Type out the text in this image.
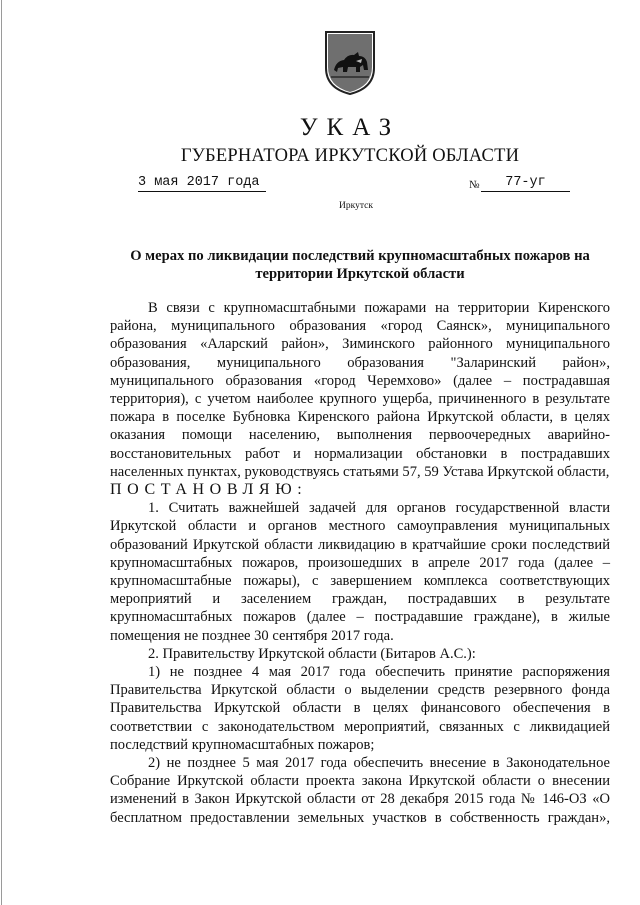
УКАЗ
ГУБЕРНАТОРА ИРКУТСКОЙ ОБЛАСТИ
3 мая 2017 года	№	77-уг
Иркутск
О мерах по ликвидации последствий крупномасштабных пожаров на территории Иркутской области

В связи с крупномасштабными пожарами на территории Киренского района, муниципального образования «город Саянск», муниципального образования «Аларский район», Зиминского районного муниципального образования, муниципального образования "Заларинский район», муниципального образования «город Черемхово» (далее – пострадавшая территория), с учетом наиболее крупного ущерба, причиненного в результате пожара в поселке Бубновка Киренского района Иркутской области, в целях оказания помощи населению, выполнения первоочередных аварийно-восстановительных работ и нормализации обстановки в пострадавших населенных пунктах, руководствуясь статьями 57, 59 Устава Иркутской области,

ПОСТАНОВЛЯЮ:

1. Считать важнейшей задачей для органов государственной власти Иркутской области и органов местного самоуправления муниципальных образований Иркутской области ликвидацию в кратчайшие сроки последствий крупномасштабных пожаров, произошедших в апреле 2017 года (далее – крупномасштабные пожары), с завершением комплекса соответствующих мероприятий и заселением граждан, пострадавших в результате крупномасштабных пожаров (далее – пострадавшие граждане), в жилые помещения не позднее 30 сентября 2017 года.

2. Правительству Иркутской области (Битаров А.С.):

1) не позднее 4 мая 2017 года обеспечить принятие распоряжения Правительства Иркутской области о выделении средств резервного фонда Правительства Иркутской области в целях финансового обеспечения в соответствии с законодательством мероприятий, связанных с ликвидацией последствий крупномасштабных пожаров;

2) не позднее 5 мая 2017 года обеспечить внесение в Законодательное Собрание Иркутской области проекта закона Иркутской области о внесении изменений в Закон Иркутской области от 28 декабря 2015 года № 146-ОЗ «О бесплатном предоставлении земельных участков в собственность граждан»,
